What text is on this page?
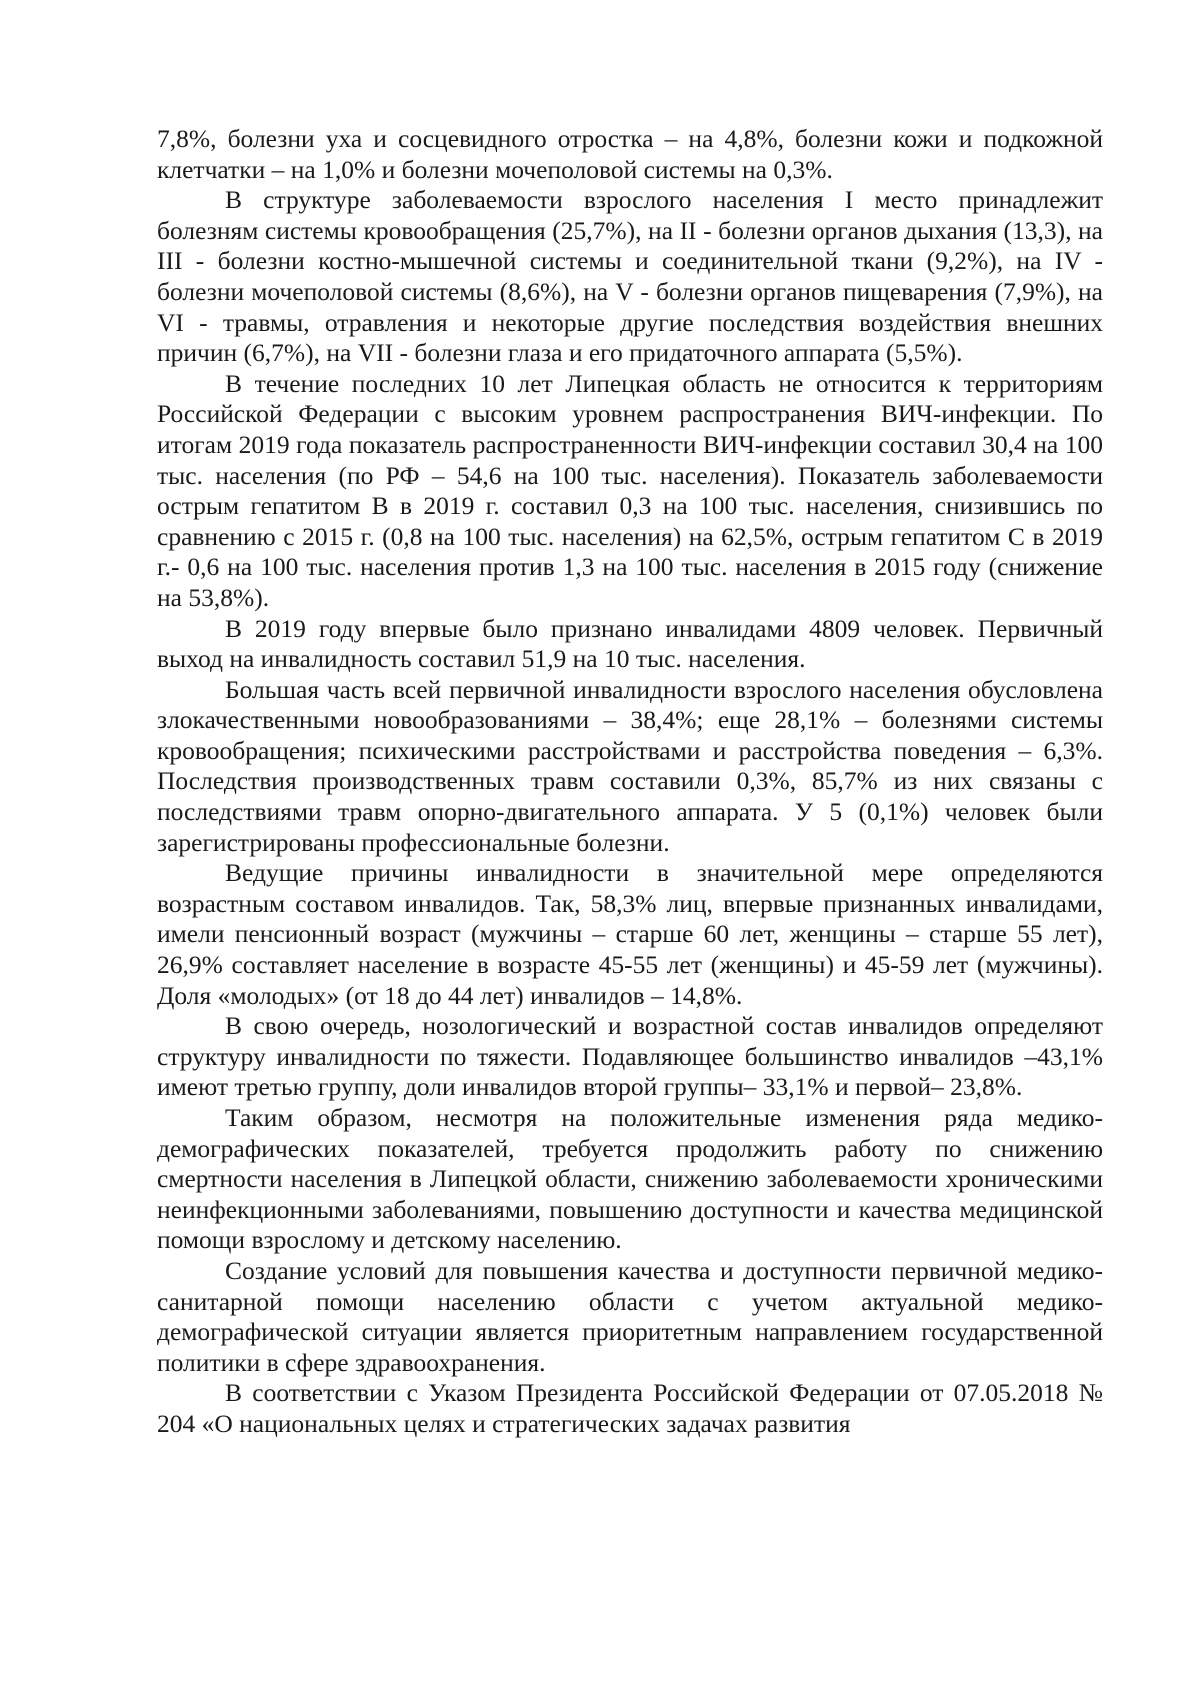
7,8%, болезни уха и сосцевидного отростка – на 4,8%, болезни кожи и подкожной клетчатки – на 1,0% и болезни мочеполовой системы на 0,3%.

В структуре заболеваемости взрослого населения I место принадлежит болезням системы кровообращения (25,7%), на II - болезни органов дыхания (13,3), на III - болезни костно-мышечной системы и соединительной ткани (9,2%), на IV - болезни мочеполовой системы (8,6%), на V - болезни органов пищеварения (7,9%), на VI - травмы, отравления и некоторые другие последствия воздействия внешних причин (6,7%), на VII - болезни глаза и его придаточного аппарата (5,5%).

В течение последних 10 лет Липецкая область не относится к территориям Российской Федерации с высоким уровнем распространения ВИЧ-инфекции. По итогам 2019 года показатель распространенности ВИЧ-инфекции составил 30,4 на 100 тыс. населения (по РФ – 54,6 на 100 тыс. населения). Показатель заболеваемости острым гепатитом В в 2019 г. составил 0,3 на 100 тыс. населения, снизившись по сравнению с 2015 г. (0,8 на 100 тыс. населения) на 62,5%, острым гепатитом С в 2019 г.- 0,6 на 100 тыс. населения против 1,3 на 100 тыс. населения в 2015 году (снижение на 53,8%).

В 2019 году впервые было признано инвалидами 4809 человек. Первичный выход на инвалидность составил 51,9 на 10 тыс. населения.

Большая часть всей первичной инвалидности взрослого населения обусловлена злокачественными новообразованиями – 38,4%; еще 28,1% – болезнями системы кровообращения; психическими расстройствами и расстройства поведения – 6,3%. Последствия производственных травм составили 0,3%, 85,7% из них связаны с последствиями травм опорно-двигательного аппарата. У 5 (0,1%) человек были зарегистрированы профессиональные болезни.

Ведущие причины инвалидности в значительной мере определяются возрастным составом инвалидов. Так, 58,3% лиц, впервые признанных инвалидами, имели пенсионный возраст (мужчины – старше 60 лет, женщины – старше 55 лет), 26,9% составляет население в возрасте 45-55 лет (женщины) и 45-59 лет (мужчины). Доля «молодых» (от 18 до 44 лет) инвалидов – 14,8%.

В свою очередь, нозологический и возрастной состав инвалидов определяют структуру инвалидности по тяжести. Подавляющее большинство инвалидов –43,1% имеют третью группу, доли инвалидов второй группы– 33,1% и первой– 23,8%.

Таким образом, несмотря на положительные изменения ряда медико-демографических показателей, требуется продолжить работу по снижению смертности населения в Липецкой области, снижению заболеваемости хроническими неинфекционными заболеваниями, повышению доступности и качества медицинской помощи взрослому и детскому населению.

Создание условий для повышения качества и доступности первичной медико-санитарной помощи населению области с учетом актуальной медико-демографической ситуации является приоритетным направлением государственной политики в сфере здравоохранения.

В соответствии с Указом Президента Российской Федерации от 07.05.2018 № 204 «О национальных целях и стратегических задачах развития
